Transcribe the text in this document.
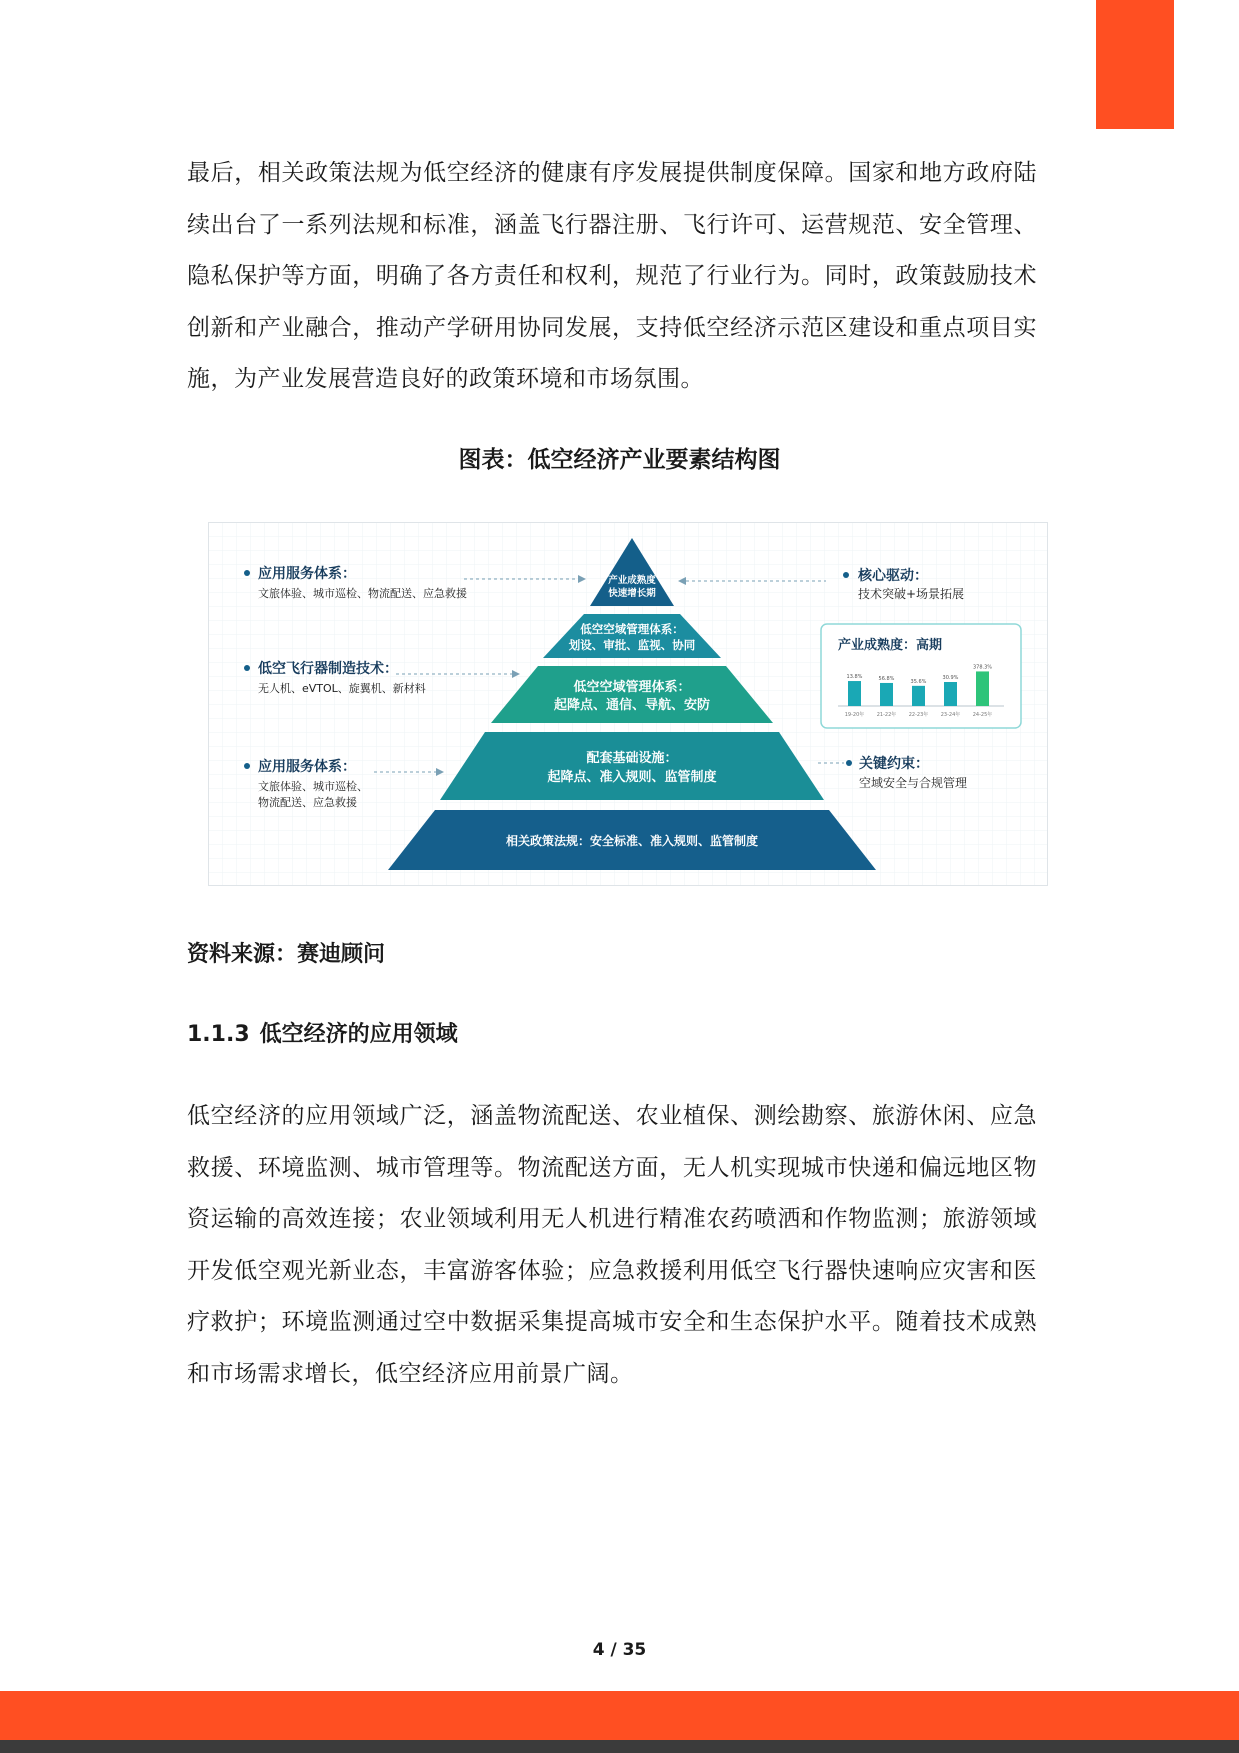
最后，相关政策法规为低空经济的健康有序发展提供制度保障。国家和地方政府陆续出台了一系列法规和标准，涵盖飞行器注册、飞行许可、运营规范、安全管理、隐私保护等方面，明确了各方责任和权利，规范了行业行为。同时，政策鼓励技术创新和产业融合，推动产学研用协同发展，支持低空经济示范区建设和重点项目实施，为产业发展营造良好的政策环境和市场氛围。

图表：低空经济产业要素结构图

产业成熟度
快速增长期
低空空域管理体系：
划设、审批、监视、协同
低空空域管理体系：
起降点、通信、导航、安防
配套基础设施：
起降点、准入规则、监管制度
相关政策法规：安全标准、准入规则、监管制度
应用服务体系：
文旅体验、城市巡检、物流配送、应急救援
低空飞行器制造技术：
无人机、eVTOL、旋翼机、新材料
应用服务体系：
文旅体验、城市巡检、
物流配送、应急救援
核心驱动：
技术突破+场景拓展
关键约束：
空域安全与合规管理
产业成熟度：高期
13.8%
19-20年
56.8%
21-22年
35.6%
22-23年
30.9%
23-24年
378.3%
24-25年

资料来源：赛迪顾问

1.1.3 低空经济的应用领域

低空经济的应用领域广泛，涵盖物流配送、农业植保、测绘勘察、旅游休闲、应急救援、环境监测、城市管理等。物流配送方面，无人机实现城市快递和偏远地区物资运输的高效连接；农业领域利用无人机进行精准农药喷洒和作物监测；旅游领域开发低空观光新业态，丰富游客体验；应急救援利用低空飞行器快速响应灾害和医疗救护；环境监测通过空中数据采集提高城市安全和生态保护水平。随着技术成熟和市场需求增长，低空经济应用前景广阔。

4 / 35
